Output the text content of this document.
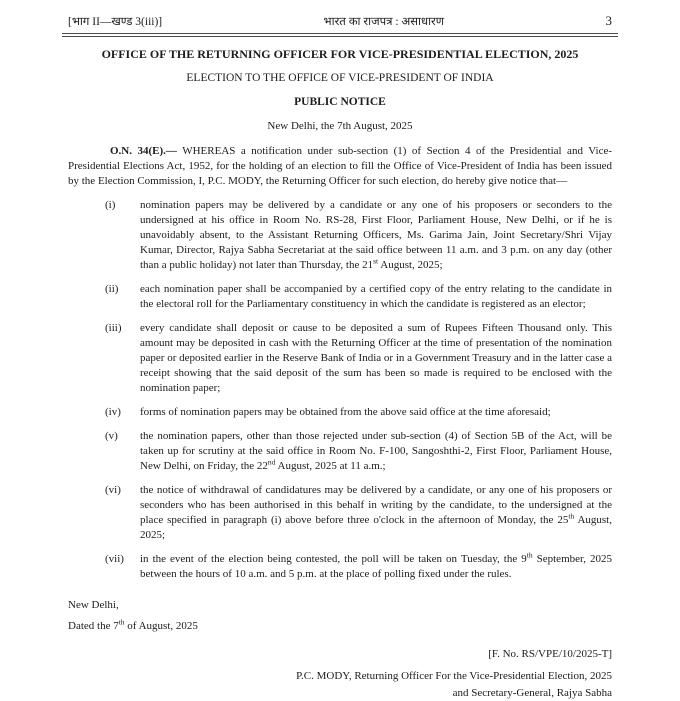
[भाग II—खण्ड 3(iii)]	भारत का राजपत्र : असाधारण	3
OFFICE OF THE RETURNING OFFICER FOR VICE-PRESIDENTIAL ELECTION, 2025
ELECTION TO THE OFFICE OF VICE-PRESIDENT OF INDIA
PUBLIC NOTICE
New Delhi, the 7th August, 2025

O.N. 34(E).— WHEREAS a notification under sub-section (1) of Section 4 of the Presidential and Vice-Presidential Elections Act, 1952, for the holding of an election to fill the Office of Vice-President of India has been issued by the Election Commission, I, P.C. MODY, the Returning Officer for such election, do hereby give notice that—

(i)	nomination papers may be delivered by a candidate or any one of his proposers or seconders to the undersigned at his office in Room No. RS-28, First Floor, Parliament House, New Delhi, or if he is unavoidably absent, to the Assistant Returning Officers, Ms. Garima Jain, Joint Secretary/Shri Vijay Kumar, Director, Rajya Sabha Secretariat at the said office between 11 a.m. and 3 p.m. on any day (other than a public holiday) not later than Thursday, the 21st August, 2025;
(ii)	each nomination paper shall be accompanied by a certified copy of the entry relating to the candidate in the electoral roll for the Parliamentary constituency in which the candidate is registered as an elector;
(iii)	every candidate shall deposit or cause to be deposited a sum of Rupees Fifteen Thousand only. This amount may be deposited in cash with the Returning Officer at the time of presentation of the nomination paper or deposited earlier in the Reserve Bank of India or in a Government Treasury and in the latter case a receipt showing that the said deposit of the sum has been so made is required to be enclosed with the nomination paper;
(iv)	forms of nomination papers may be obtained from the above said office at the time aforesaid;
(v)	the nomination papers, other than those rejected under sub-section (4) of Section 5B of the Act, will be taken up for scrutiny at the said office in Room No. F-100, Sangoshthi-2, First Floor, Parliament House, New Delhi, on Friday, the 22nd August, 2025 at 11 a.m.;
(vi)	the notice of withdrawal of candidatures may be delivered by a candidate, or any one of his proposers or seconders who has been authorised in this behalf in writing by the candidate, to the undersigned at the place specified in paragraph (i) above before three o'clock in the afternoon of Monday, the 25th August, 2025;
(vii)	in the event of the election being contested, the poll will be taken on Tuesday, the 9th September, 2025 between the hours of 10 a.m. and 5 p.m. at the place of polling fixed under the rules.
New Delhi,
Dated the 7th of August, 2025
[F. No. RS/VPE/10/2025-T]
P.C. MODY, Returning Officer For the Vice-Presidential Election, 2025
and Secretary-General, Rajya Sabha
